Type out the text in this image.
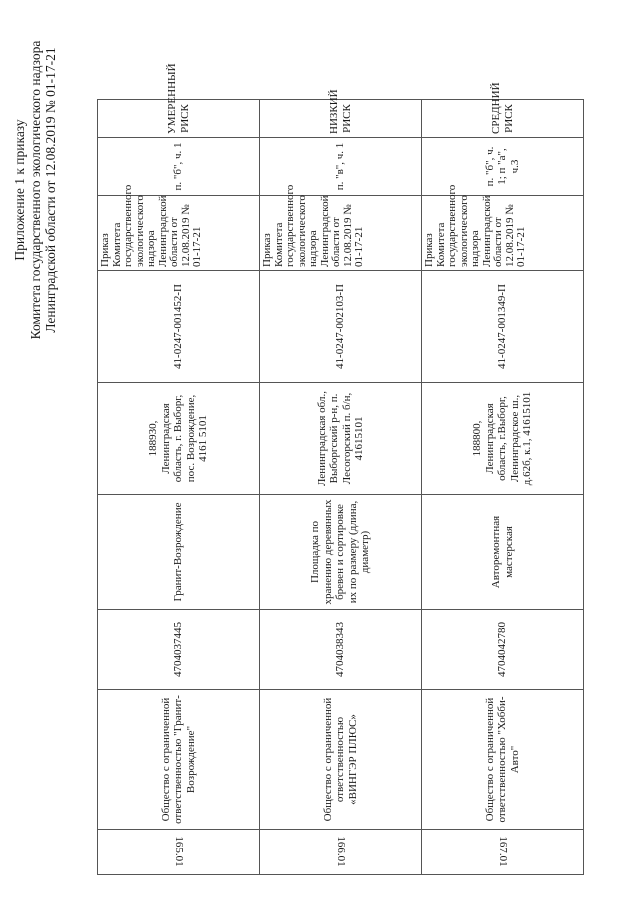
Приложение 1 к приказу Комитета государственного экологического надзора Ленинградской области от 12.08.2019 № 01-17-21
165.01	Общество с ограниченной ответственностью "Гранит-Возрождение"	4704037445	Гранит-Возрождение	188930, Ленинградская область, г. Выборг, пос. Возрождение, 4161 5101	41-0247-001452-П	Приказ Комитета государственного экологического надзора Ленинградской области от 12.08.2019 № 01-17-21	п. "б", ч. 1	УМЕРЕННЫЙ РИСК
166.01	Общество с ограниченной ответственностью «ВИНГЭР ПЛЮС»	4704038343	Площадка по хранению деревянных бревен и сортировке их по размеру (длина, диаметр)	Ленинградская обл., Выборгский р-н, п. Лесогорский п. б/н, 41615101	41-0247-002103-П	Приказ Комитета государственного экологического надзора Ленинградской области от 12.08.2019 № 01-17-21	п. "в", ч. 1	НИЗКИЙ РИСК
167.01	Общество с ограниченной ответственностью "Хобби-Авто"	4704042780	Авторемонтная мастерская	188800, Ленинградская область, г.Выборг, Ленинградское ш., д.62б, к.1, 41615101	41-0247-001349-П	Приказ Комитета государственного экологического надзора Ленинградской области от 12.08.2019 № 01-17-21	п. "б", ч. 1; п "а", ч.3	СРЕДНИЙ РИСК
